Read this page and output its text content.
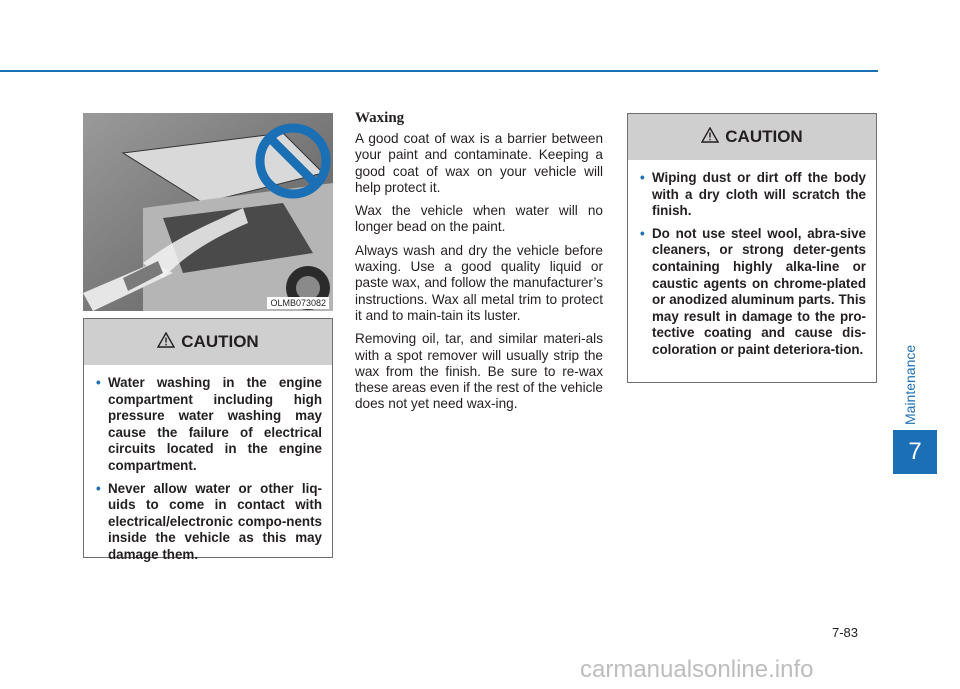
Maintenance
7
OLMB073082
CAUTION
• Water washing in the engine compartment including high pressure water washing may cause the failure of electrical circuits located in the engine compartment.
• Never allow water or other liq-uids to come in contact with electrical/electronic compo-nents inside the vehicle as this may damage them.
Waxing

A good coat of wax is a barrier between your paint and contaminate. Keeping a good coat of wax on your vehicle will help protect it.

Wax the vehicle when water will no longer bead on the paint.

Always wash and dry the vehicle before waxing. Use a good quality liquid or paste wax, and follow the manufacturer’s instructions. Wax all metal trim to protect it and to main-tain its luster.

Removing oil, tar, and similar materi-als with a spot remover will usually strip the wax from the finish. Be sure to re-wax these areas even if the rest of the vehicle does not yet need wax-ing.

CAUTION
• Wiping dust or dirt off the body with a dry cloth will scratch the finish.
• Do not use steel wool, abra-sive cleaners, or strong deter-gents containing highly alka-line or caustic agents on chrome-plated or anodized aluminum parts. This may result in damage to the pro-tective coating and cause dis-coloration or paint deteriora-tion.
7-83
carmanualsonline.info
